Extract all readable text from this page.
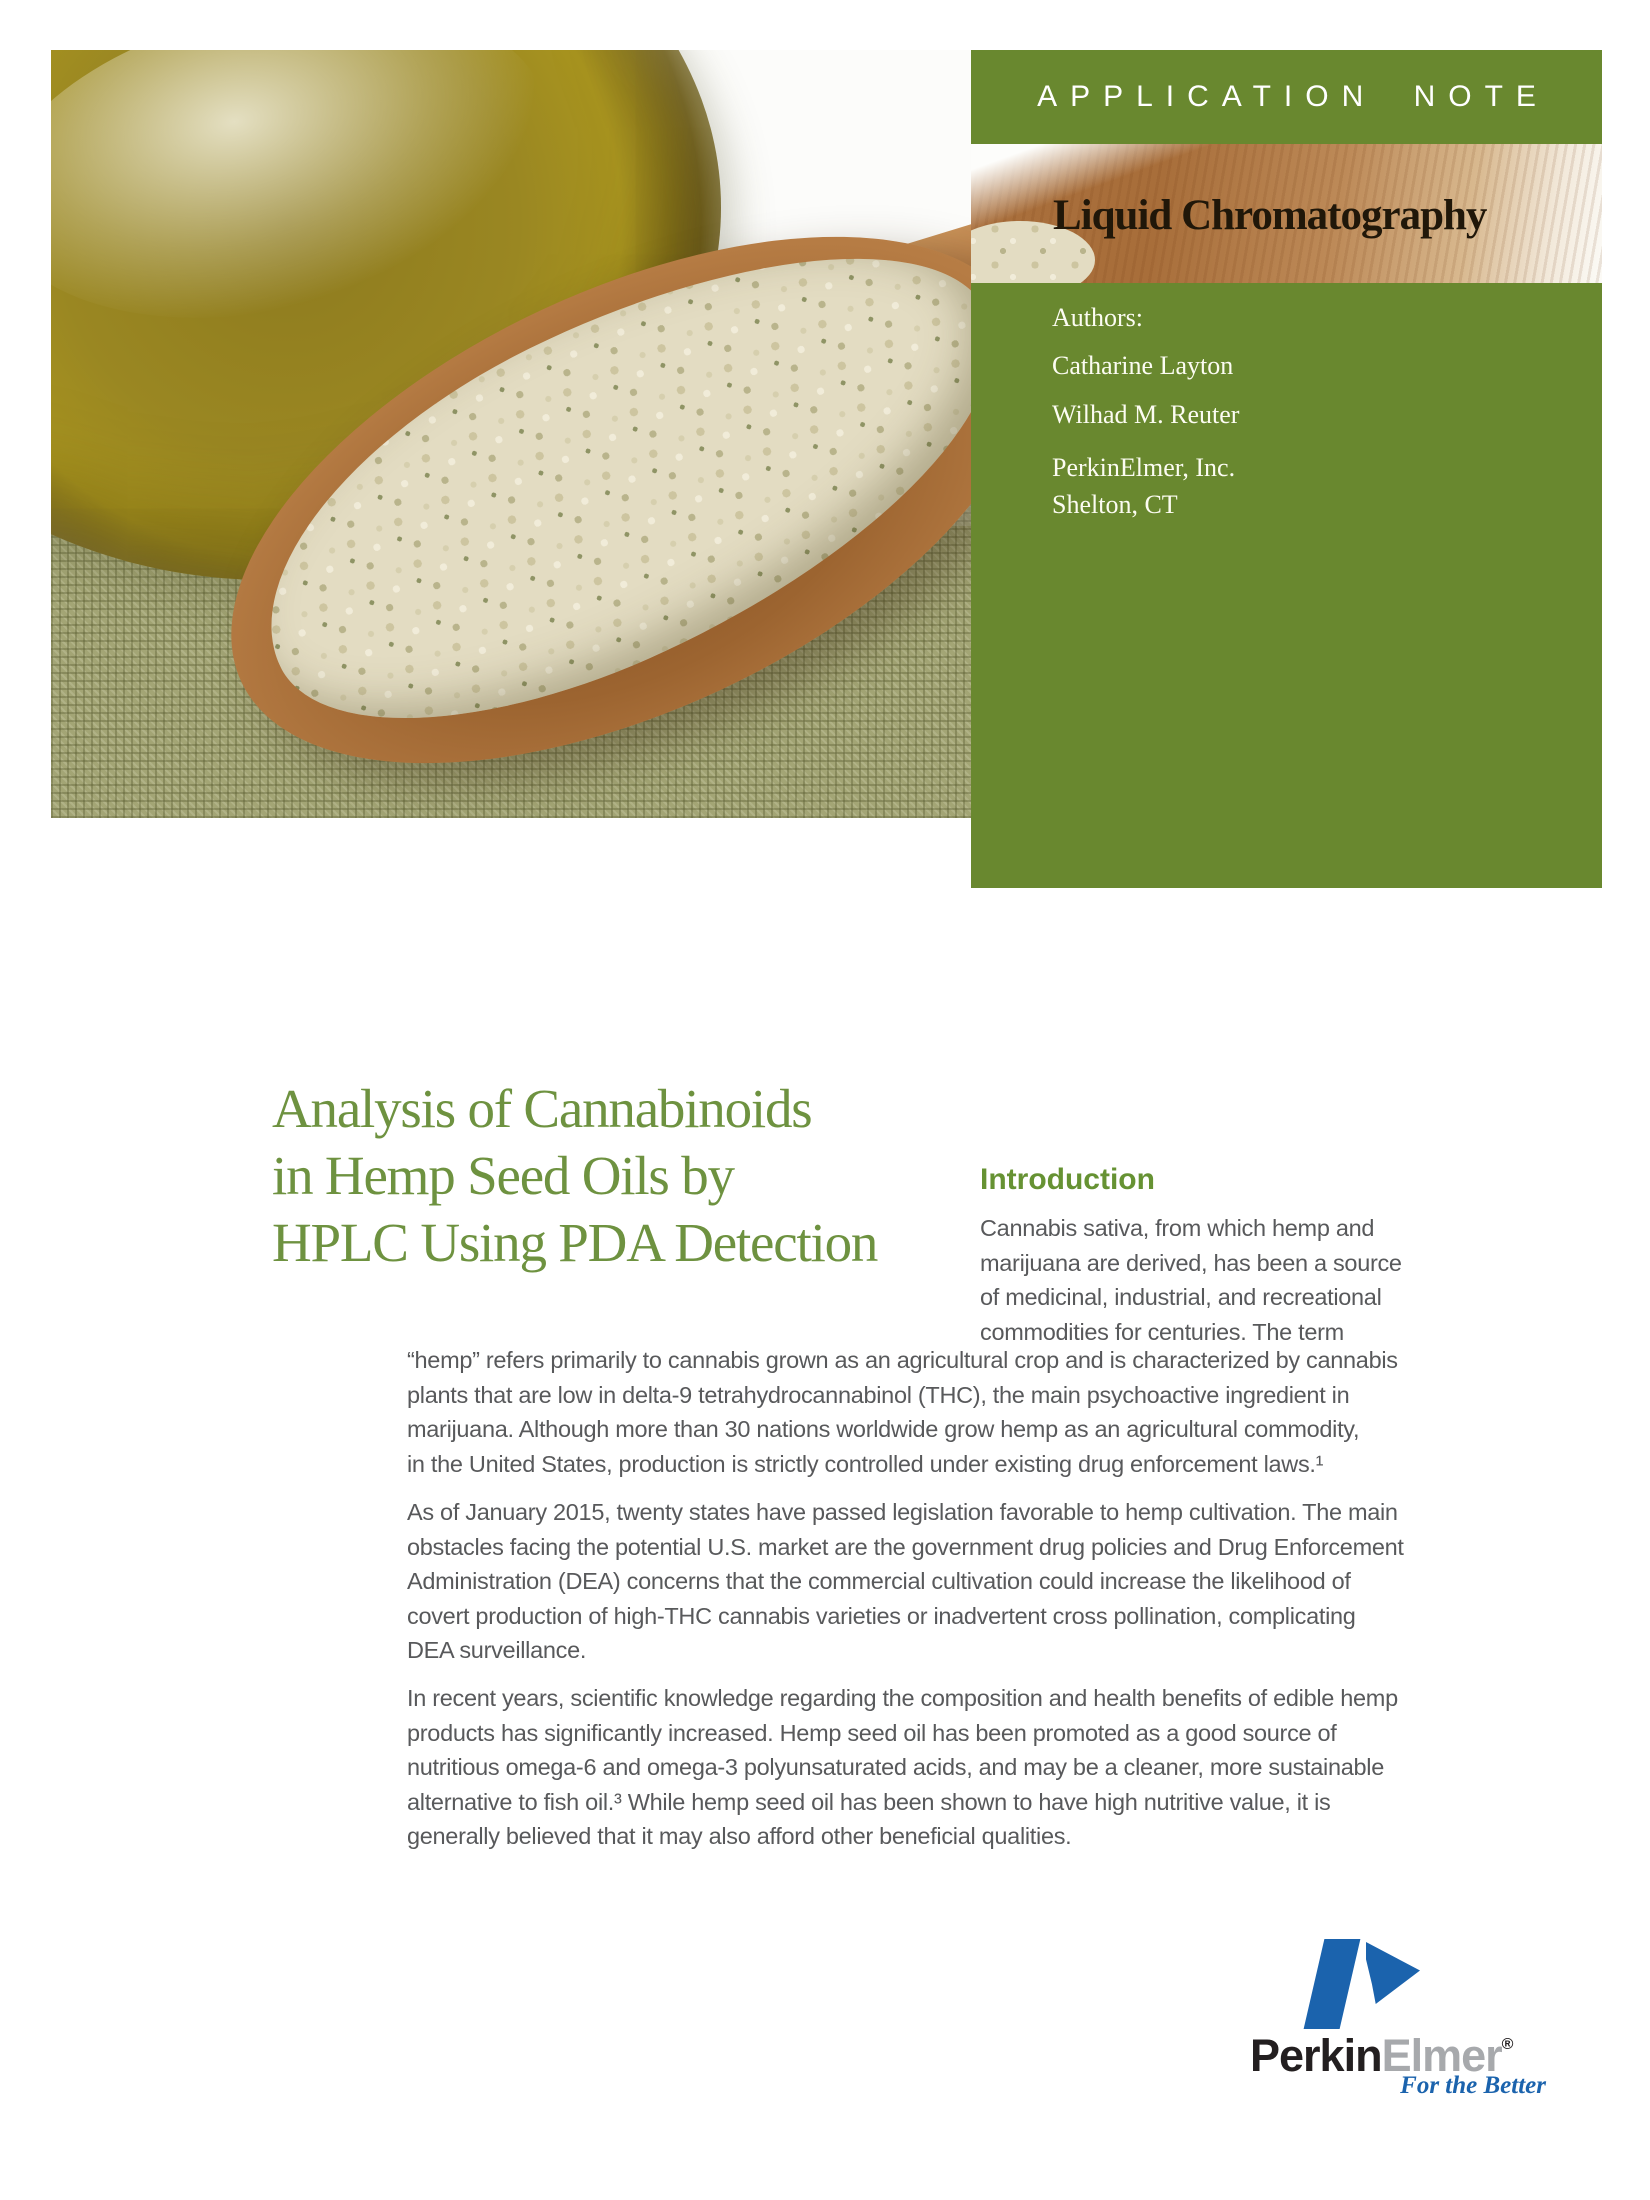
APPLICATION NOTE
Liquid Chromatography
Authors:
Catharine Layton
Wilhad M. Reuter
PerkinElmer, Inc.
Shelton, CT
Analysis of Cannabinoids
in Hemp Seed Oils by
HPLC Using PDA Detection
Introduction
Cannabis sativa, from which hemp and
marijuana are derived, has been a source
of medicinal, industrial, and recreational
commodities for centuries. The term
“hemp” refers primarily to cannabis grown as an agricultural crop and is characterized by cannabis
plants that are low in delta-9 tetrahydrocannabinol (THC), the main psychoactive ingredient in
marijuana. Although more than 30 nations worldwide grow hemp as an agricultural commodity,
in the United States, production is strictly controlled under existing drug enforcement laws.¹
As of January 2015, twenty states have passed legislation favorable to hemp cultivation. The main
obstacles facing the potential U.S. market are the government drug policies and Drug Enforcement
Administration (DEA) concerns that the commercial cultivation could increase the likelihood of
covert production of high-THC cannabis varieties or inadvertent cross pollination, complicating
DEA surveillance.
In recent years, scientific knowledge regarding the composition and health benefits of edible hemp
products has significantly increased. Hemp seed oil has been promoted as a good source of
nutritious omega-6 and omega-3 polyunsaturated acids, and may be a cleaner, more sustainable
alternative to fish oil.³ While hemp seed oil has been shown to have high nutritive value, it is
generally believed that it may also afford other beneficial qualities.
PerkinElmer®
For the Better
